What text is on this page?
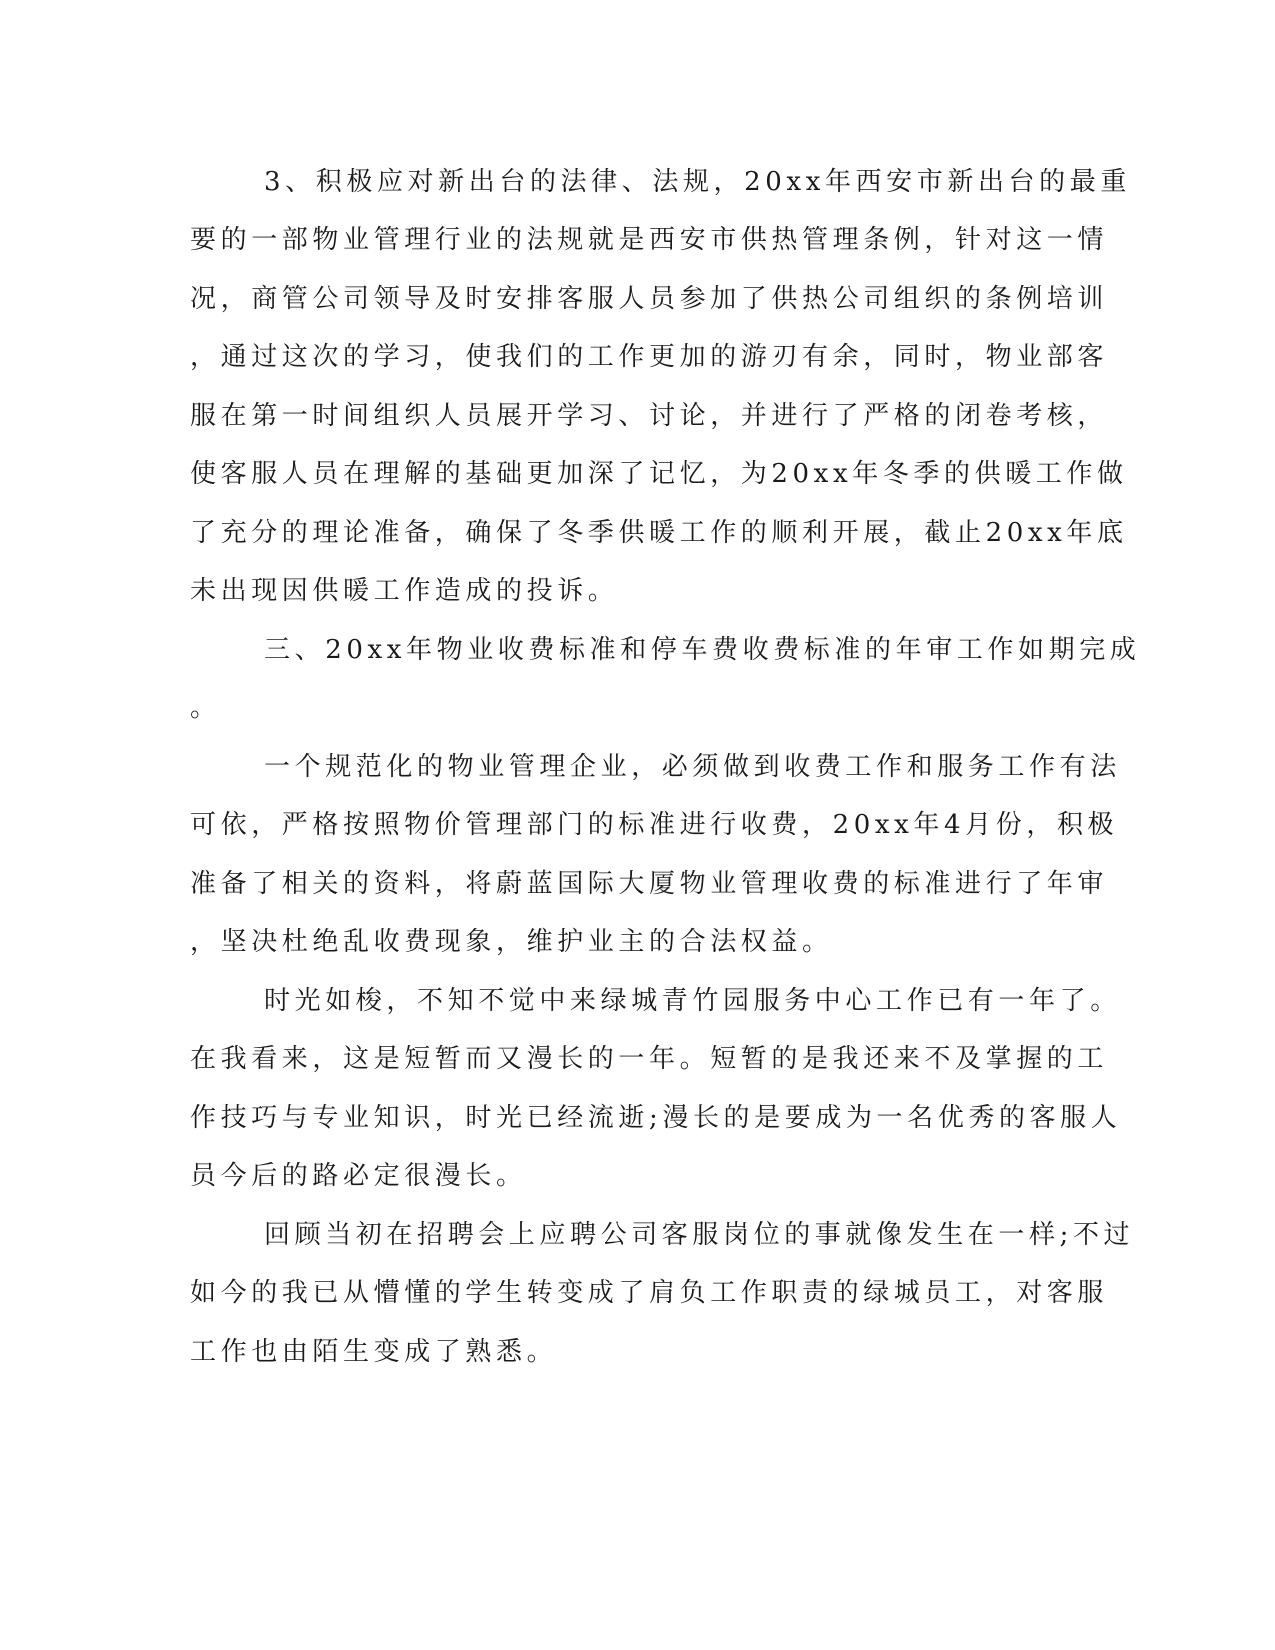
3、积极应对新出台的法律、法规，20xx年西安市新出台的最重
要的一部物业管理行业的法规就是西安市供热管理条例，针对这一情
况，商管公司领导及时安排客服人员参加了供热公司组织的条例培训
，通过这次的学习，使我们的工作更加的游刃有余，同时，物业部客
服在第一时间组织人员展开学习、讨论，并进行了严格的闭卷考核，
使客服人员在理解的基础更加深了记忆，为20xx年冬季的供暖工作做
了充分的理论准备，确保了冬季供暖工作的顺利开展，截止20xx年底
未出现因供暖工作造成的投诉。
三、20xx年物业收费标准和停车费收费标准的年审工作如期完成
。
一个规范化的物业管理企业，必须做到收费工作和服务工作有法
可依，严格按照物价管理部门的标准进行收费，20xx年4月份，积极
准备了相关的资料，将蔚蓝国际大厦物业管理收费的标准进行了年审
，坚决杜绝乱收费现象，维护业主的合法权益。
时光如梭，不知不觉中来绿城青竹园服务中心工作已有一年了。
在我看来，这是短暂而又漫长的一年。短暂的是我还来不及掌握的工
作技巧与专业知识，时光已经流逝;漫长的是要成为一名优秀的客服人
员今后的路必定很漫长。
回顾当初在招聘会上应聘公司客服岗位的事就像发生在一样;不过
如今的我已从懵懂的学生转变成了肩负工作职责的绿城员工，对客服
工作也由陌生变成了熟悉。
